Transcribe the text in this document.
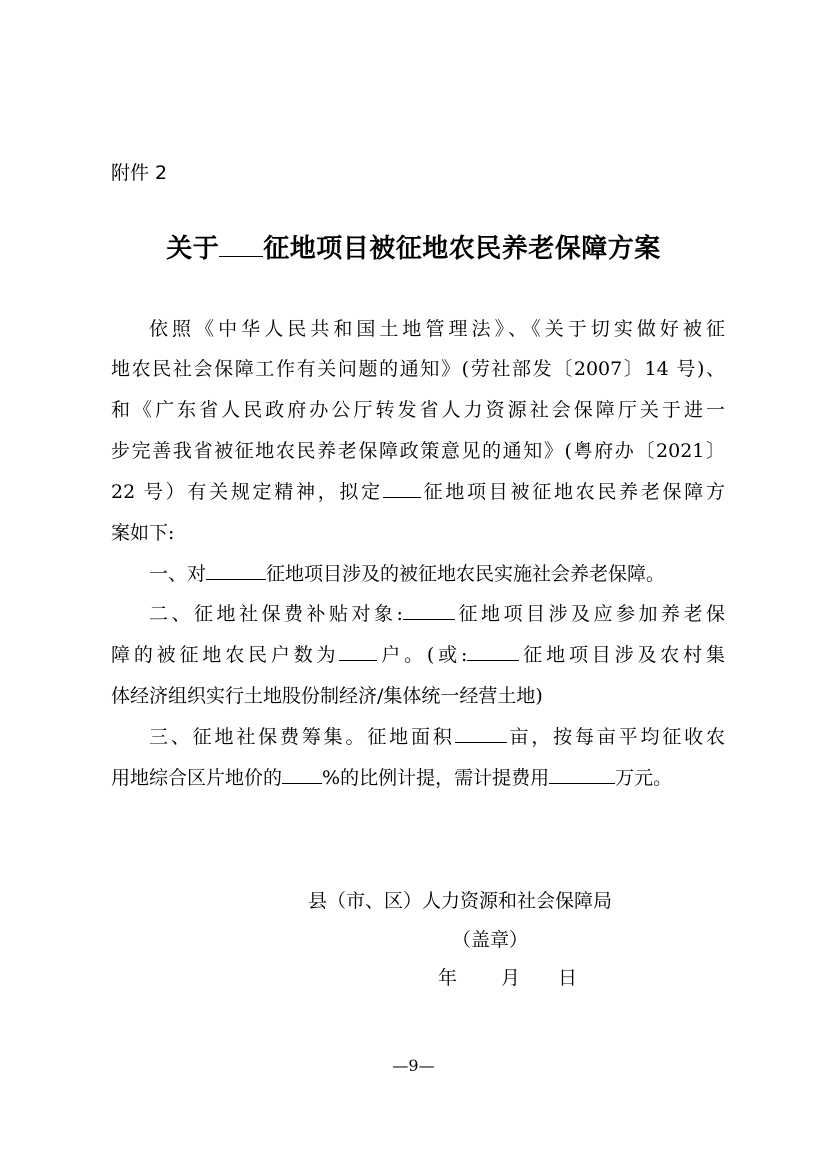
附件 2
关于 征地项目被征地农民养老保障方案
依照《中华人民共和国土地管理法》、《关于切实做好被征
地农民社会保障工作有关问题的通知》(劳社部发〔2007〕14 号)、
和《广东省人民政府办公厅转发省人力资源社会保障厅关于进一
步完善我省被征地农民养老保障政策意见的通知》(粤府办〔2021〕
22 号）有关规定精神，拟定 征地项目被征地农民养老保障方
案如下:
一、对	征地项目涉及的被征地农民实施社会养老保障。
二、征地社保费补贴对象:	征地项目涉及应参加养老保
障的被征地农民户数为 户。(或:	征地项目涉及农村集
体经济组织实行土地股份制经济/集体统一经营土地)
三、征地社保费筹集。征地面积	亩，按每亩平均征收农
用地综合区片地价的 %的比例计提，需计提费用	万元。
县（市、区）人力资源和社会保障局
（盖章）
年 月 日
—9—
